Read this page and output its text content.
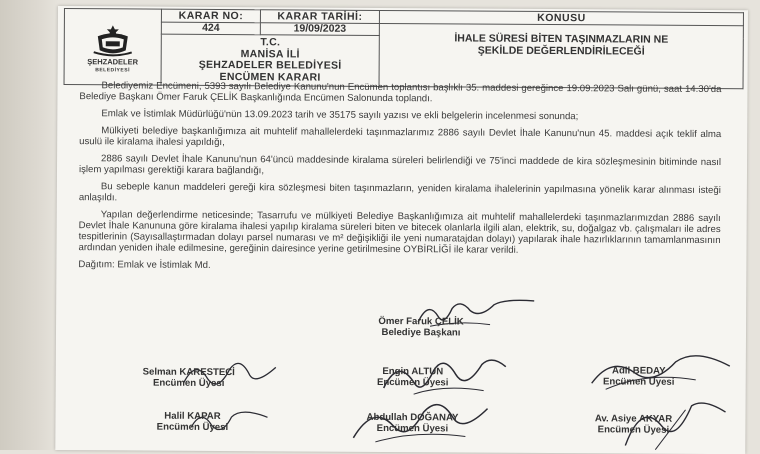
ŞEHZADELER
BELEDİYESİ	KARAR NO:	KARAR TARİHİ:	KONUSU
	424	19/09/2023	İHALE SÜRESİ BİTEN TAŞINMAZLARIN NE
ŞEKİLDE DEĞERLENDİRİLECEĞİ

	T.C.
MANİSA İLİ
ŞEHZADELER BELEDİYESİ
ENCÜMEN KARARI		

Belediyemiz Encümeni, 5393 sayılı Belediye Kanunu'nun Encümen toplantısı başlıklı 35. maddesi gereğince 19.09.2023 Salı günü, saat 14.30'da Belediye Başkanı Ömer Faruk ÇELİK Başkanlığında Encümen Salonunda toplandı.

Emlak ve İstimlak Müdürlüğü'nün 13.09.2023 tarih ve 35175 sayılı yazısı ve ekli belgelerin incelenmesi sonunda;

Mülkiyeti belediye başkanlığımıza ait muhtelif mahallelerdeki taşınmazlarımız 2886 sayılı Devlet İhale Kanunu'nun 45. maddesi açık teklif alma usulü ile kiralama ihalesi yapıldığı,

2886 sayılı Devlet İhale Kanunu'nun 64'üncü maddesinde kiralama süreleri belirlendiği ve 75'inci maddede de kira sözleşmesinin bitiminde nasıl işlem yapılması gerektiği karara bağlandığı,

Bu sebeple kanun maddeleri gereği kira sözleşmesi biten taşınmazların, yeniden kiralama ihalelerinin yapılmasına yönelik karar alınması isteği anlaşıldı.

Yapılan değerlendirme neticesinde; Tasarrufu ve mülkiyeti Belediye Başkanlığımıza ait muhtelif mahallelerdeki taşınmazlarımızdan 2886 sayılı Devlet İhale Kanununa göre kiralama ihalesi yapılıp kiralama süreleri biten ve bitecek olanlarla ilgili alan, elektrik, su, doğalgaz vb. çalışmaları ile adres tespitlerinin (Sayısallaştırmadan dolayı parsel numarası ve m² değişikliği ile yeni numaratajdan dolayı) yapılarak ihale hazırlıklarının tamamlanmasının ardından yeniden ihale edilmesine, gereğinin dairesince yerine getirilmesine OYBİRLİĞİ ile karar verildi.

Dağıtım: Emlak ve İstimlak Md.

Ömer Faruk ÇELİK
Belediye Başkanı
Selman KARESTECİ
Encümen Üyesi
Engin ALTUN
Encümen Üyesi
Adil BEDAY
Encümen Üyesi
Halil KAPAR
Encümen Üyesi
Abdullah DOĞANAY
Encümen Üyesi
Av. Asiye AKYAR
Encümen Üyesi
